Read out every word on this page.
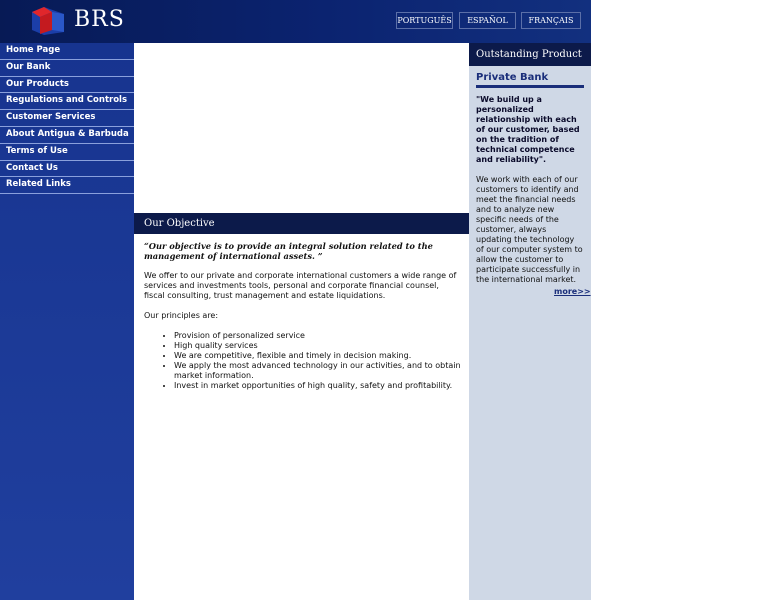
BRS	PORTUGUÊS	ESPAÑOL	FRANÇAIS
Home Page
Our Bank
Our Products
Regulations and Controls
Customer Services
About Antigua & Barbuda
Terms of Use
Contact Us
Related Links
Our Objective

“Our objective is to provide an integral solution related to the management of international assets. ”

We offer to our private and corporate international customers a wide range of services and investments tools, personal and corporate financial counsel, fiscal consulting, trust management and estate liquidations.

Our principles are:

• Provision of personalized service
• High quality services
• We are competitive, flexible and timely in decision making.
• We apply the most advanced technology in our activities, and to obtain market information.
• Invest in market opportunities of high quality, safety and profitability.
Outstanding Product
Private Bank

"We build up a personalized relationship with each of our customer, based on the tradition of technical competence and reliability".

We work with each of our customers to identify and meet the financial needs and to analyze new specific needs of the customer, always updating the technology of our computer system to allow the customer to participate successfully in the international market.

more>>
